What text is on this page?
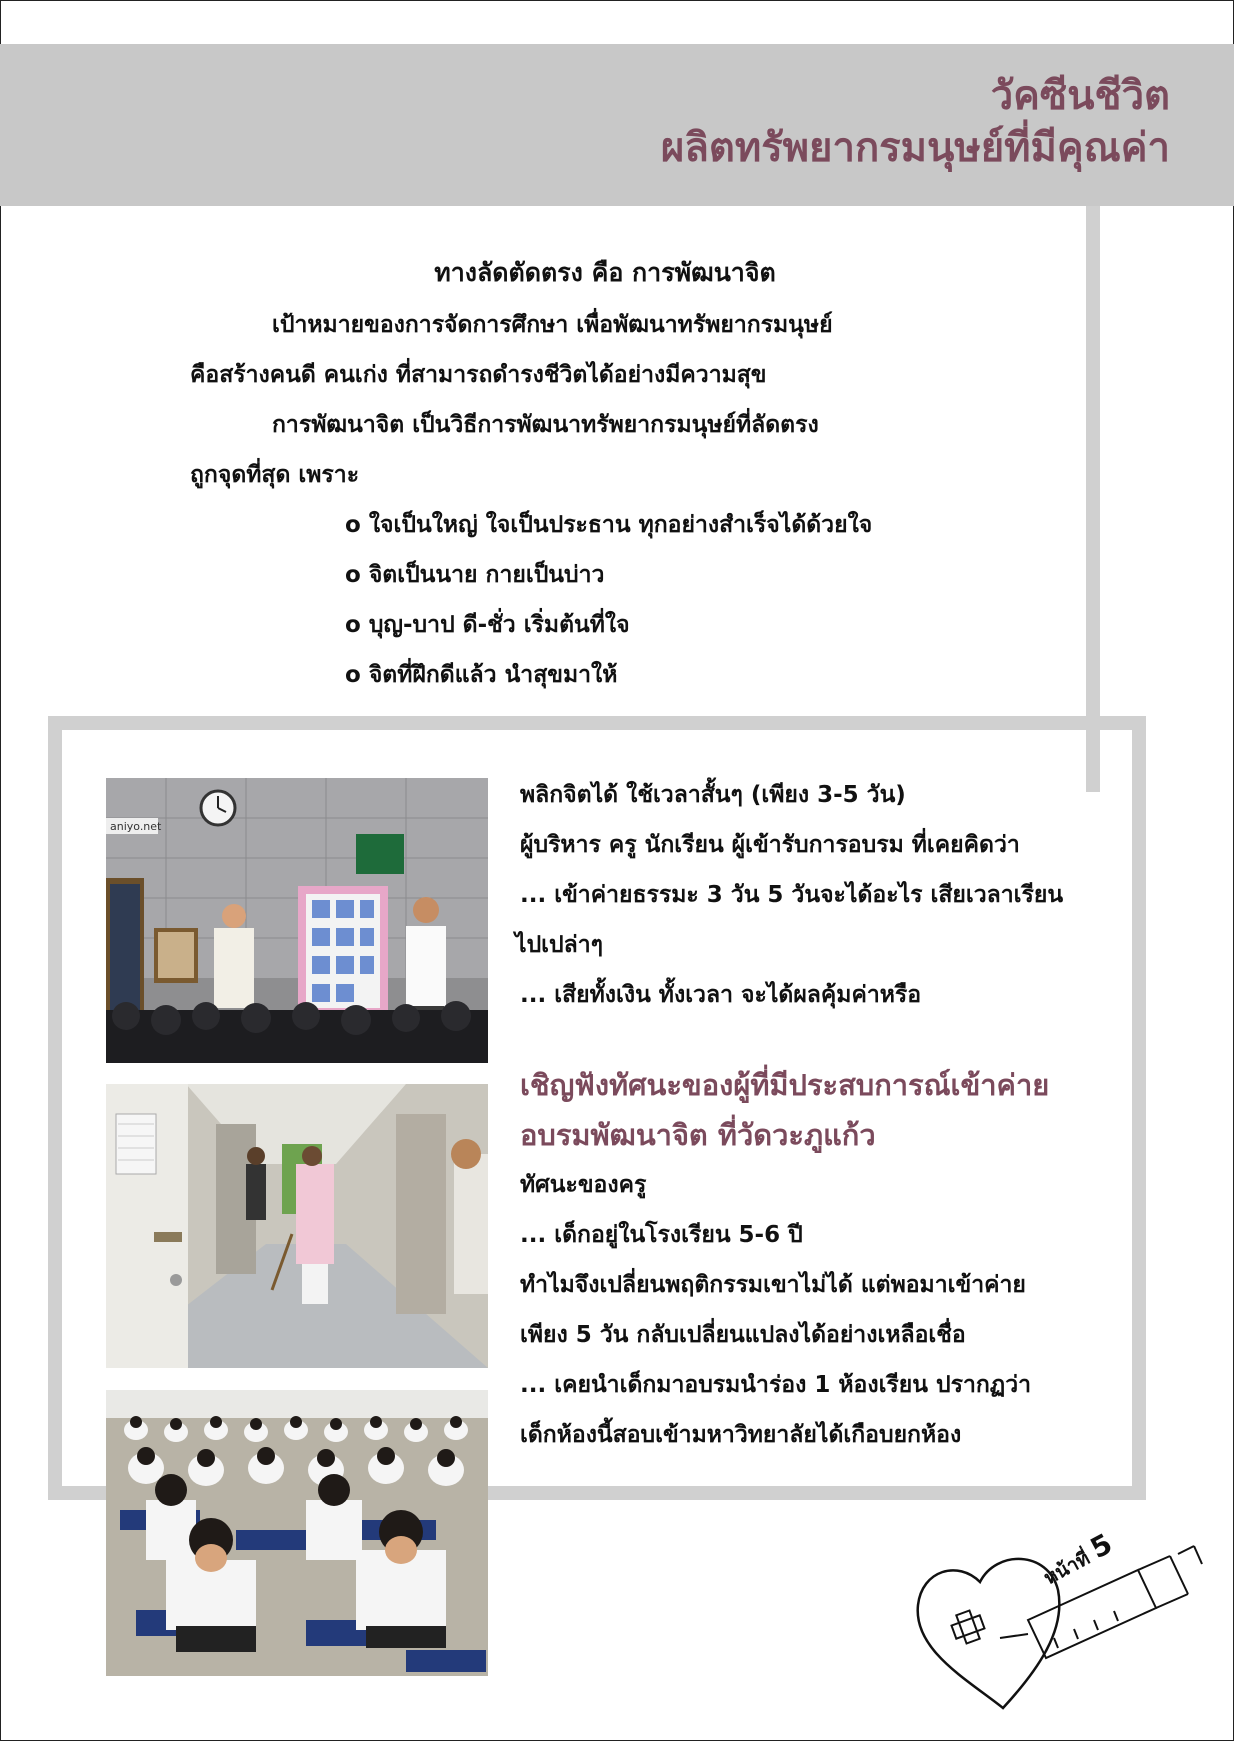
วัคซีนชีวิต
ผลิตทรัพยากรมนุษย์ที่มีคุณค่า
ทางลัดตัดตรง คือ การพัฒนาจิต

เป้าหมายของการจัดการศึกษา เพื่อพัฒนาทรัพยากรมนุษย์

คือสร้างคนดี คนเก่ง ที่สามารถดำรงชีวิตได้อย่างมีความสุข

การพัฒนาจิต เป็นวิธีการพัฒนาทรัพยากรมนุษย์ที่ลัดตรง

ถูกจุดที่สุด เพราะ

o ใจเป็นใหญ่ ใจเป็นประธาน ทุกอย่างสำเร็จได้ด้วยใจ
o จิตเป็นนาย กายเป็นบ่าว
o บุญ-บาป ดี-ชั่ว เริ่มต้นที่ใจ
o จิตที่ฝึกดีแล้ว นำสุขมาให้
aniyo.net

พลิกจิตได้ ใช้เวลาสั้นๆ (เพียง 3-5 วัน)

ผู้บริหาร ครู นักเรียน ผู้เข้ารับการอบรม ที่เคยคิดว่า

... เข้าค่ายธรรมะ 3 วัน 5 วันจะได้อะไร เสียเวลาเรียน

ไปเปล่าๆ

... เสียทั้งเงิน ทั้งเวลา จะได้ผลคุ้มค่าหรือ

เชิญฟังทัศนะของผู้ที่มีประสบการณ์เข้าค่าย

อบรมพัฒนาจิต ที่วัดวะภูแก้ว

ทัศนะของครู

... เด็กอยู่ในโรงเรียน 5-6 ปี

ทำไมจึงเปลี่ยนพฤติกรรมเขาไม่ได้ แต่พอมาเข้าค่าย

เพียง 5 วัน กลับเปลี่ยนแปลงได้อย่างเหลือเชื่อ

... เคยนำเด็กมาอบรมนำร่อง 1 ห้องเรียน ปรากฏว่า

เด็กห้องนี้สอบเข้ามหาวิทยาลัยได้เกือบยกห้อง

หน้าที่ 5
